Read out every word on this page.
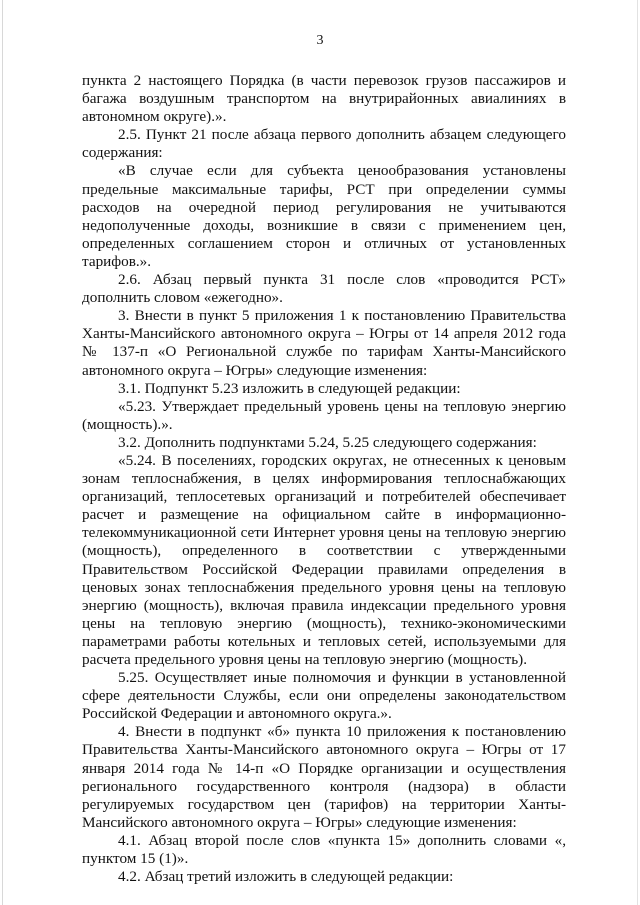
3

пункта 2 настоящего Порядка (в части перевозок грузов пассажиров и багажа воздушным транспортом на внутрирайонных авиалиниях в автономном округе).».

2.5. Пункт 21 после абзаца первого дополнить абзацем следующего содержания:

«В случае если для субъекта ценообразования установлены предельные максимальные тарифы, РСТ при определении суммы расходов на очередной период регулирования не учитываются недополученные доходы, возникшие в связи с применением цен, определенных соглашением сторон и отличных от установленных тарифов.».

2.6. Абзац первый пункта 31 после слов «проводится РСТ» дополнить словом «ежегодно».

3. Внести в пункт 5 приложения 1 к постановлению Правительства Ханты-Мансийского автономного округа – Югры от 14 апреля 2012 года № 137-п «О Региональной службе по тарифам Ханты-Мансийского автономного округа – Югры» следующие изменения:

3.1. Подпункт 5.23 изложить в следующей редакции:

«5.23. Утверждает предельный уровень цены на тепловую энергию (мощность).».

3.2. Дополнить подпунктами 5.24, 5.25 следующего содержания:

«5.24. В поселениях, городских округах, не отнесенных к ценовым зонам теплоснабжения, в целях информирования теплоснабжающих организаций, теплосетевых организаций и потребителей обеспечивает расчет и размещение на официальном сайте в информационно-телекоммуникационной сети Интернет уровня цены на тепловую энергию (мощность), определенного в соответствии с утвержденными Правительством Российской Федерации правилами определения в ценовых зонах теплоснабжения предельного уровня цены на тепловую энергию (мощность), включая правила индексации предельного уровня цены на тепловую энергию (мощность), технико-экономическими параметрами работы котельных и тепловых сетей, используемыми для расчета предельного уровня цены на тепловую энергию (мощность).

5.25. Осуществляет иные полномочия и функции в установленной сфере деятельности Службы, если они определены законодательством Российской Федерации и автономного округа.».

4. Внести в подпункт «б» пункта 10 приложения к постановлению Правительства Ханты-Мансийского автономного округа – Югры от 17 января 2014 года № 14-п «О Порядке организации и осуществления регионального государственного контроля (надзора) в области регулируемых государством цен (тарифов) на территории Ханты-Мансийского автономного округа – Югры» следующие изменения:

4.1. Абзац второй после слов «пункта 15» дополнить словами «, пунктом 15 (1)».

4.2. Абзац третий изложить в следующей редакции:
